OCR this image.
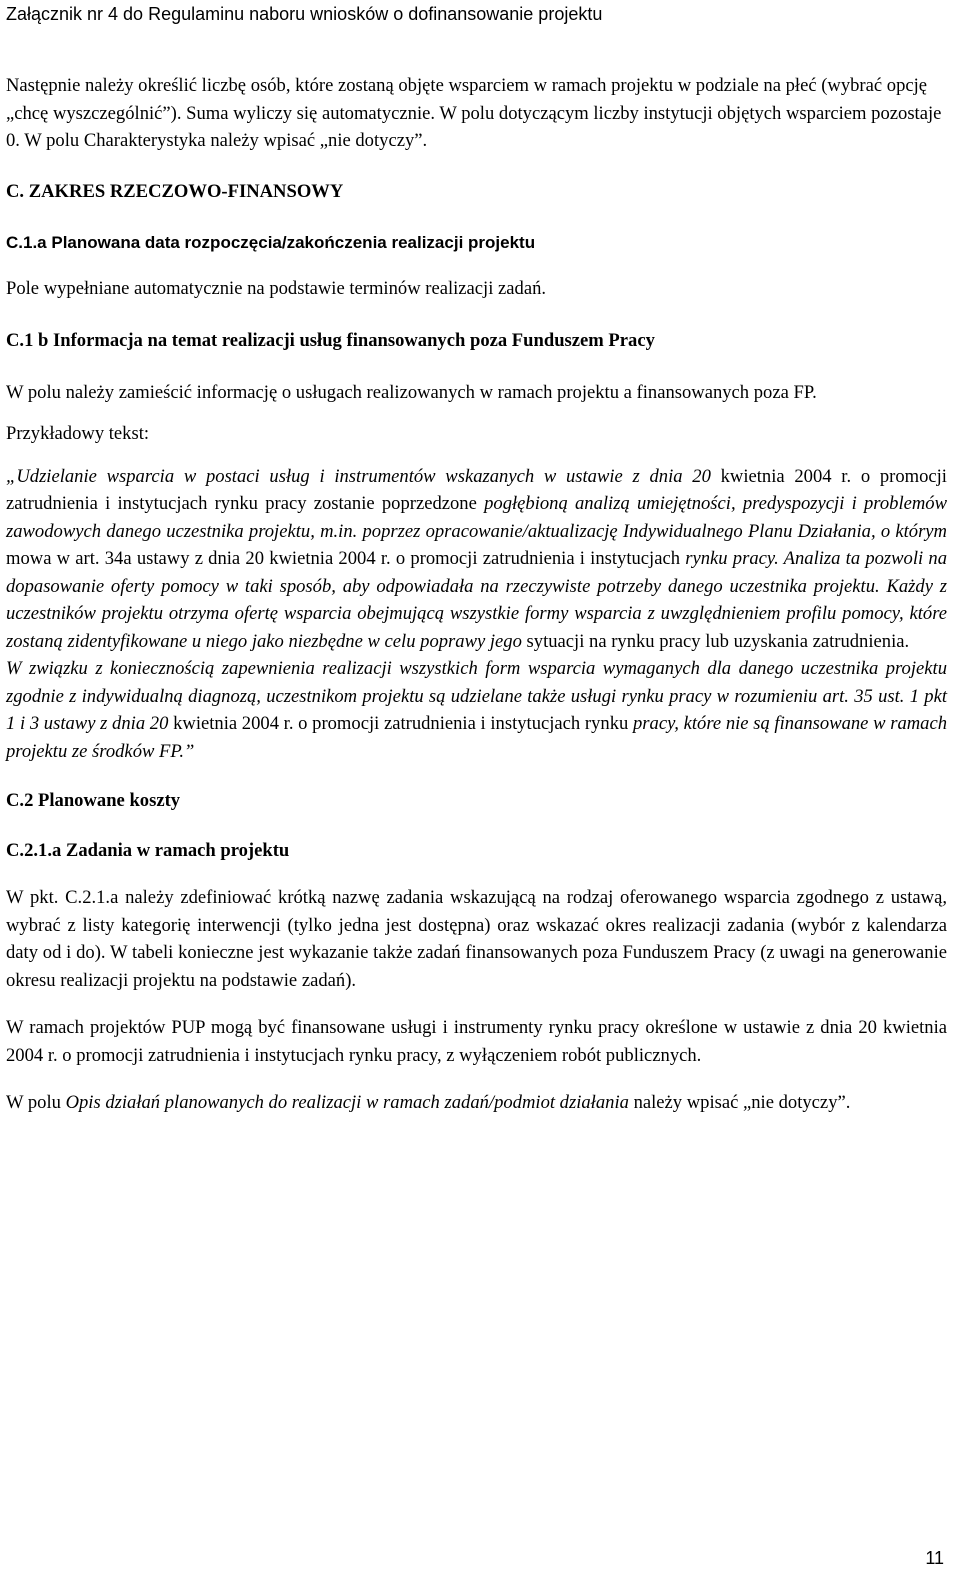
Załącznik nr 4 do Regulaminu naboru wniosków o dofinansowanie projektu

Następnie należy określić liczbę osób, które zostaną objęte wsparciem w ramach projektu w podziale na płeć (wybrać opcję „chcę wyszczególnić”). Suma wyliczy się automatycznie. W polu dotyczącym liczby instytucji objętych wsparciem pozostaje 0. W polu Charakterystyka należy wpisać „nie dotyczy”.

C. ZAKRES RZECZOWO-FINANSOWY

C.1.a Planowana data rozpoczęcia/zakończenia realizacji projektu

Pole wypełniane automatycznie na podstawie terminów realizacji zadań.

C.1 b Informacja na temat realizacji usług finansowanych poza Funduszem Pracy

W polu należy zamieścić informację o usługach realizowanych w ramach projektu a finansowanych poza FP.

Przykładowy tekst:

„Udzielanie wsparcia w postaci usług i instrumentów wskazanych w ustawie z dnia 20 kwietnia 2004 r. o promocji zatrudnienia i instytucjach rynku pracy zostanie poprzedzone pogłębioną analizą umiejętności, predyspozycji i problemów zawodowych danego uczestnika projektu, m.in. poprzez opracowanie/aktualizację Indywidualnego Planu Działania, o którym mowa w art. 34a ustawy z dnia 20 kwietnia 2004 r. o promocji zatrudnienia i instytucjach rynku pracy. Analiza ta pozwoli na dopasowanie oferty pomocy w taki sposób, aby odpowiadała na rzeczywiste potrzeby danego uczestnika projektu. Każdy z uczestników projektu otrzyma ofertę wsparcia obejmującą wszystkie formy wsparcia z uwzględnieniem profilu pomocy, które zostaną zidentyfikowane u niego jako niezbędne w celu poprawy jego sytuacji na rynku pracy lub uzyskania zatrudnienia.

W związku z koniecznością zapewnienia realizacji wszystkich form wsparcia wymaganych dla danego uczestnika projektu zgodnie z indywidualną diagnozą, uczestnikom projektu są udzielane także usługi rynku pracy w rozumieniu art. 35 ust. 1 pkt 1 i 3 ustawy z dnia 20 kwietnia 2004 r. o promocji zatrudnienia i instytucjach rynku pracy, które nie są finansowane w ramach projektu ze środków FP.”

C.2 Planowane koszty

C.2.1.a Zadania w ramach projektu

W pkt. C.2.1.a należy zdefiniować krótką nazwę zadania wskazującą na rodzaj oferowanego wsparcia zgodnego z ustawą, wybrać z listy kategorię interwencji (tylko jedna jest dostępna) oraz wskazać okres realizacji zadania (wybór z kalendarza daty od i do). W tabeli konieczne jest wykazanie także zadań finansowanych poza Funduszem Pracy (z uwagi na generowanie okresu realizacji projektu na podstawie zadań).

W ramach projektów PUP mogą być finansowane usługi i instrumenty rynku pracy określone w ustawie z dnia 20 kwietnia 2004 r. o promocji zatrudnienia i instytucjach rynku pracy, z wyłączeniem robót publicznych.

W polu Opis działań planowanych do realizacji w ramach zadań/podmiot działania należy wpisać „nie dotyczy”.

11
